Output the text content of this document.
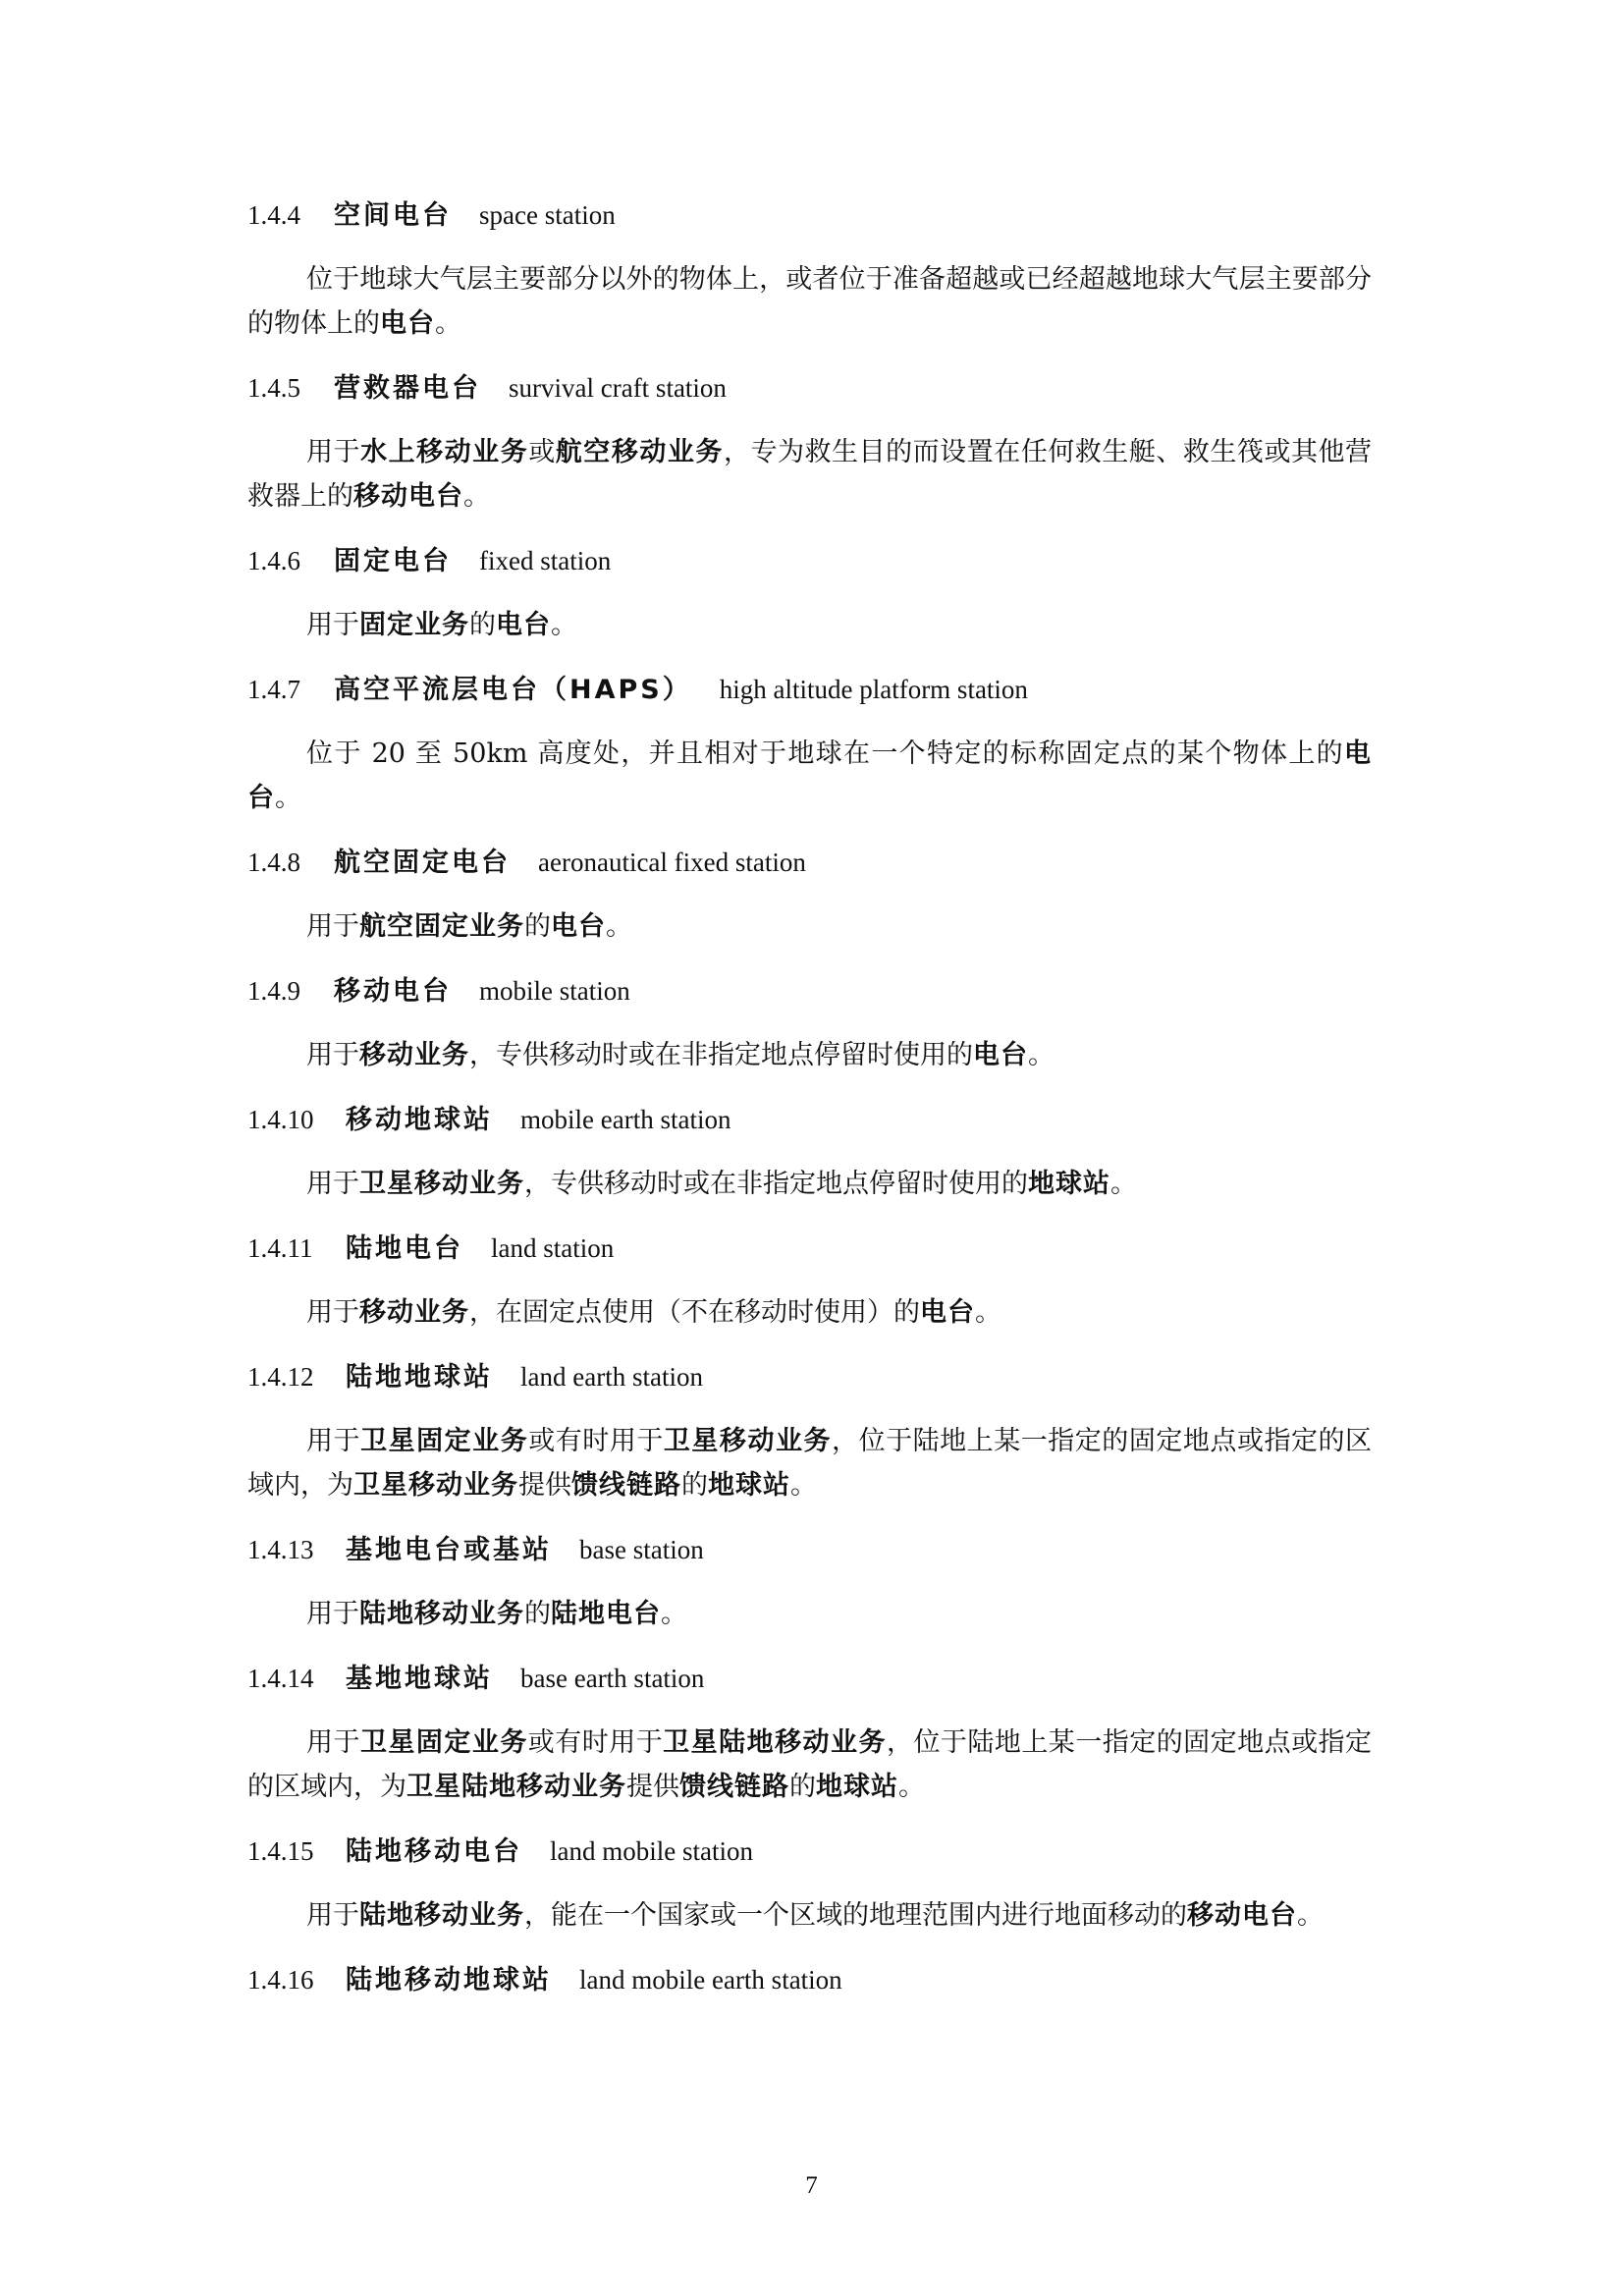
1.4.4 空间电台 space station

位于地球大气层主要部分以外的物体上，或者位于准备超越或已经超越地球大气层主要部分的物体上的电台。

1.4.5 营救器电台 survival craft station

用于水上移动业务或航空移动业务，专为救生目的而设置在任何救生艇、救生筏或其他营救器上的移动电台。

1.4.6 固定电台 fixed station

用于固定业务的电台。

1.4.7 高空平流层电台（HAPS） high altitude platform station

位于 20 至 50km 高度处，并且相对于地球在一个特定的标称固定点的某个物体上的电台。

1.4.8 航空固定电台 aeronautical fixed station

用于航空固定业务的电台。

1.4.9 移动电台 mobile station

用于移动业务，专供移动时或在非指定地点停留时使用的电台。

1.4.10 移动地球站 mobile earth station

用于卫星移动业务，专供移动时或在非指定地点停留时使用的地球站。

1.4.11 陆地电台 land station

用于移动业务，在固定点使用（不在移动时使用）的电台。

1.4.12 陆地地球站 land earth station

用于卫星固定业务或有时用于卫星移动业务，位于陆地上某一指定的固定地点或指定的区域内，为卫星移动业务提供馈线链路的地球站。

1.4.13 基地电台或基站 base station

用于陆地移动业务的陆地电台。

1.4.14 基地地球站 base earth station

用于卫星固定业务或有时用于卫星陆地移动业务，位于陆地上某一指定的固定地点或指定的区域内，为卫星陆地移动业务提供馈线链路的地球站。

1.4.15 陆地移动电台 land mobile station

用于陆地移动业务，能在一个国家或一个区域的地理范围内进行地面移动的移动电台。

1.4.16 陆地移动地球站 land mobile earth station
7
